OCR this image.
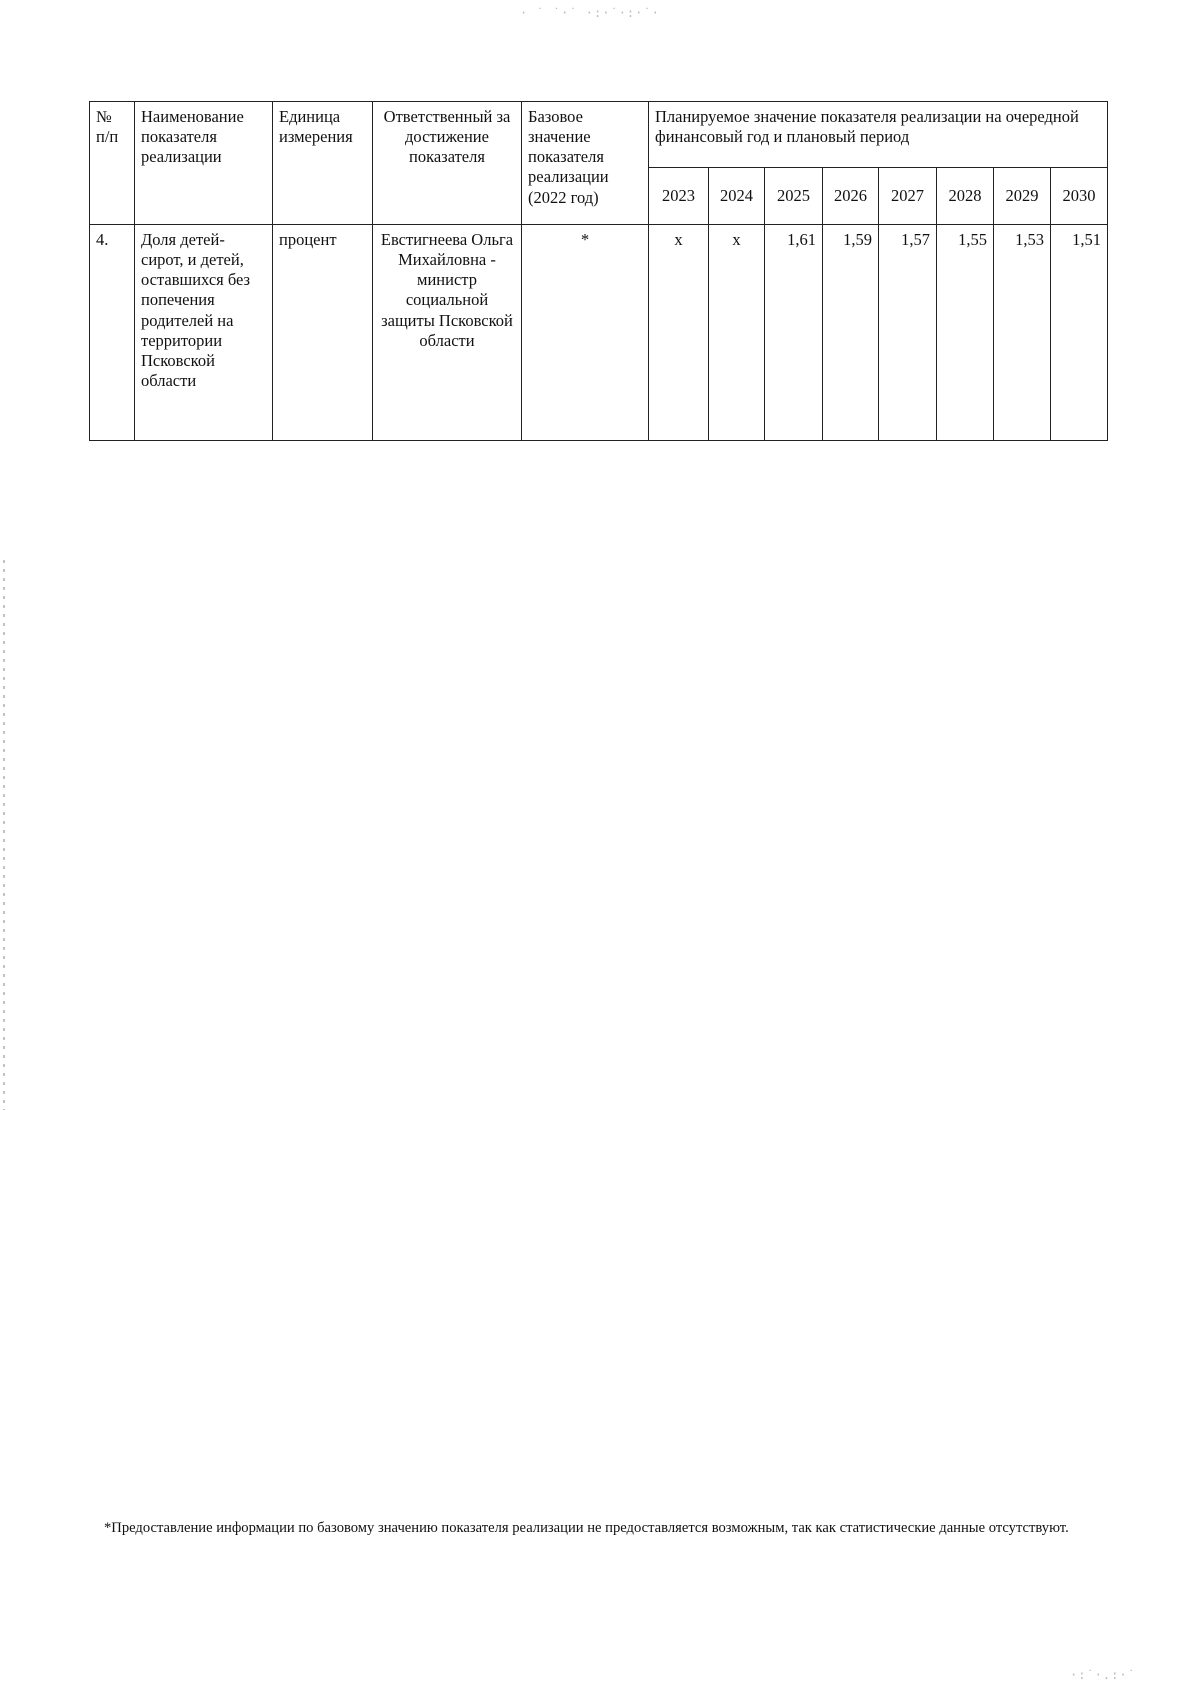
· ˙ ˙·˙ ·:·˙·:·˙·
№ п/п	Наименование показателя реализации	Единица измерения	Ответственный за достижение показателя	Базовое значение показателя реализации (2022 год)	Планируемое значение показателя реализации на очередной финансовый год и плановый период							
					2023	2024	2025	2026	2027	2028	2029	2030
4.	Доля детей-сирот, и детей, оставшихся без попечения родителей на территории Псковской области	процент	Евстигнеева Ольга Михайловна - министр социальной защиты Псковской области	*	х	х	1,61	1,59	1,57	1,55	1,53	1,51
*Предоставление информации по базовому значению показателя реализации не предоставляется возможным, так как статистические данные отсутствуют.
·:˙·.:·˙
